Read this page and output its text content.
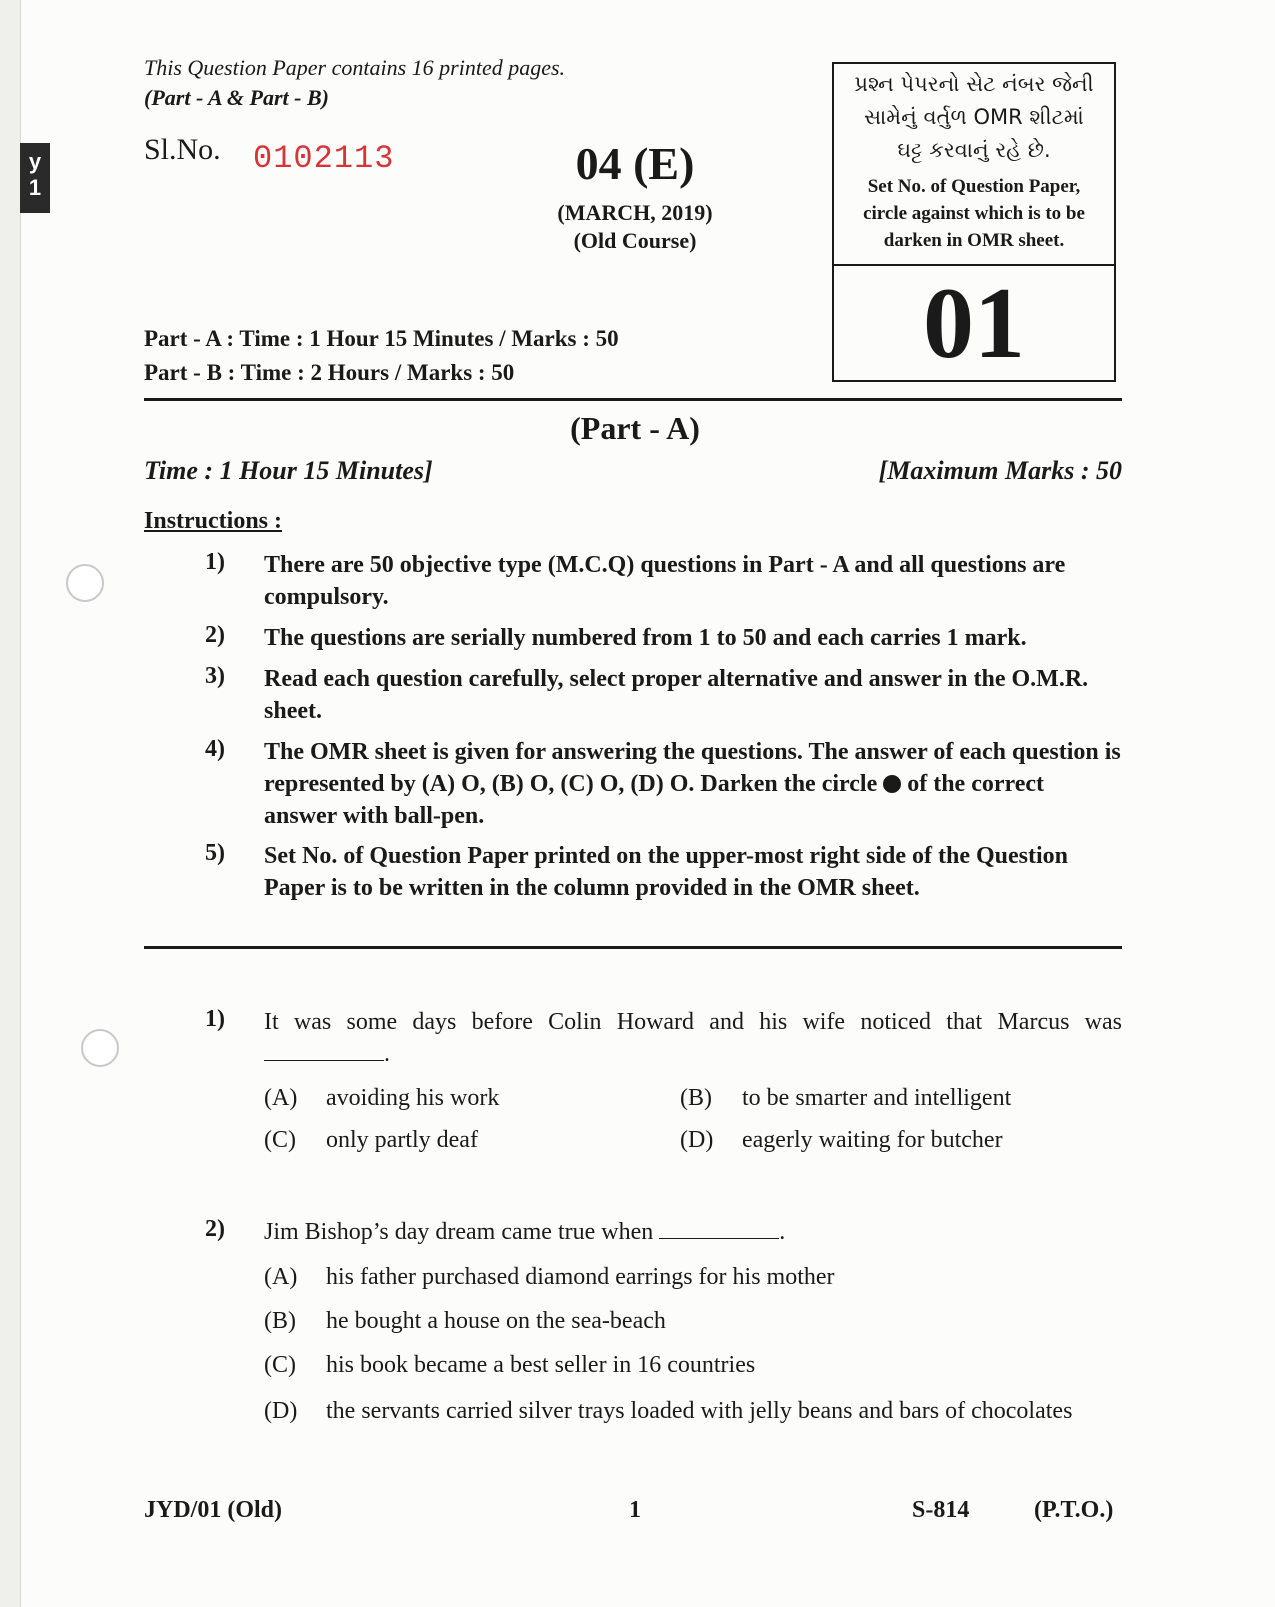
y
1
This Question Paper contains 16 printed pages.
(Part - A & Part - B)
Sl.No. 0102113	04 (E)
(MARCH, 2019)
(Old Course)
Part - A : Time : 1 Hour 15 Minutes / Marks : 50
Part - B : Time : 2 Hours / Marks : 50
પ્રશ્ન પેપરનો સેટ નંબર જેની
સામેનું વર્તુળ OMR શીટમાં
ઘટ્ટ કરવાનું રહે છે.
Set No. of Question Paper,
circle against which is to be
darken in OMR sheet.
01
(Part - A)
Time : 1 Hour 15 Minutes]	[Maximum Marks : 50
Instructions :
1) There are 50 objective type (M.C.Q) questions in Part - A and all questions are compulsory.
2) The questions are serially numbered from 1 to 50 and each carries 1 mark.
3) Read each question carefully, select proper alternative and answer in the O.M.R. sheet.
4) The OMR sheet is given for answering the questions. The answer of each question is represented by (A) O, (B) O, (C) O, (D) O. Darken the circle of the correct answer with ball-pen.
5) Set No. of Question Paper printed on the upper-most right side of the Question Paper is to be written in the column provided in the OMR sheet.
1) It was some days before Colin Howard and his wife noticed that Marcus was .
(A) avoiding his work	(B) to be smarter and intelligent
(C) only partly deaf	(D) eagerly waiting for butcher
2) Jim Bishop’s day dream came true when	.
(A) his father purchased diamond earrings for his mother
(B) he bought a house on the sea-beach
(C) his book became a best seller in 16 countries
(D)	the servants carried silver trays loaded with jelly beans and bars of chocolates
JYD/01 (Old)	1	S-814	(P.T.O.)
